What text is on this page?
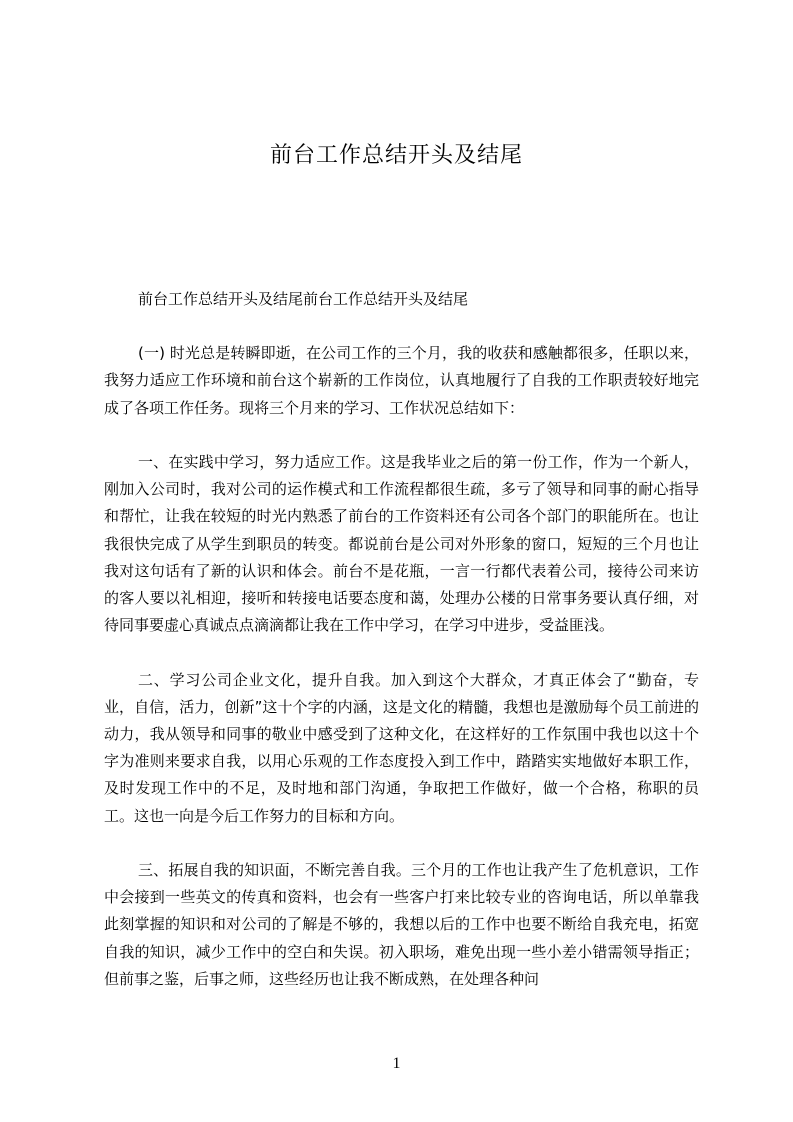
前台工作总结开头及结尾

前台工作总结开头及结尾前台工作总结开头及结尾

(一) 时光总是转瞬即逝，在公司工作的三个月，我的收获和感触都很多，任职以来，我努力适应工作环境和前台这个崭新的工作岗位，认真地履行了自我的工作职责较好地完成了各项工作任务。现将三个月来的学习、工作状况总结如下：

一、在实践中学习，努力适应工作。这是我毕业之后的第一份工作，作为一个新人，刚加入公司时，我对公司的运作模式和工作流程都很生疏，多亏了领导和同事的耐心指导和帮忙，让我在较短的时光内熟悉了前台的工作资料还有公司各个部门的职能所在。也让我很快完成了从学生到职员的转变。都说前台是公司对外形象的窗口，短短的三个月也让我对这句话有了新的认识和体会。前台不是花瓶，一言一行都代表着公司，接待公司来访的客人要以礼相迎，接听和转接电话要态度和蔼，处理办公楼的日常事务要认真仔细，对待同事要虚心真诚点点滴滴都让我在工作中学习，在学习中进步，受益匪浅。

二、学习公司企业文化，提升自我。加入到这个大群众，才真正体会了“勤奋，专业，自信，活力，创新”这十个字的内涵，这是文化的精髓，我想也是激励每个员工前进的动力，我从领导和同事的敬业中感受到了这种文化，在这样好的工作氛围中我也以这十个字为准则来要求自我，以用心乐观的工作态度投入到工作中，踏踏实实地做好本职工作，及时发现工作中的不足，及时地和部门沟通，争取把工作做好，做一个合格，称职的员工。这也一向是今后工作努力的目标和方向。

三、拓展自我的知识面，不断完善自我。三个月的工作也让我产生了危机意识，工作中会接到一些英文的传真和资料，也会有一些客户打来比较专业的咨询电话，所以单靠我此刻掌握的知识和对公司的了解是不够的，我想以后的工作中也要不断给自我充电，拓宽自我的知识，减少工作中的空白和失误。初入职场，难免出现一些小差小错需领导指正；但前事之鉴，后事之师，这些经历也让我不断成熟，在处理各种问

1
